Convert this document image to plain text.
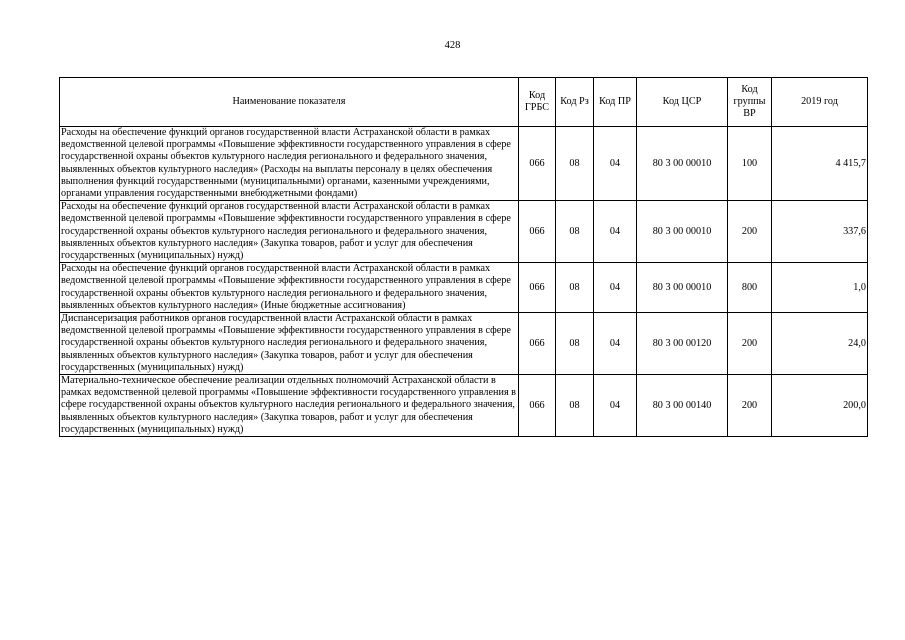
428
Наименование показателя	Код ГРБС	Код Рз	Код ПР	Код ЦСР	Код группы ВР	2019 год
Расходы на обеспечение функций органов государственной власти Астраханской области в рамках ведомственной целевой программы «Повышение эффективности государственного управления в сфере государственной охраны объектов культурного наследия регионального и федерального значения, выявленных объектов культурного наследия» (Расходы на выплаты персоналу в целях обеспечения выполнения функций государственными (муниципальными) органами, казенными учреждениями, органами управления государственными внебюджетными фондами)	066	08	04	80 3 00 00010	100	4 415,7
Расходы на обеспечение функций органов государственной власти Астраханской области в рамках ведомственной целевой программы «Повышение эффективности государственного управления в сфере государственной охраны объектов культурного наследия регионального и федерального значения, выявленных объектов культурного наследия» (Закупка товаров, работ и услуг для обеспечения государственных (муниципальных) нужд)	066	08	04	80 3 00 00010	200	337,6
Расходы на обеспечение функций органов государственной власти Астраханской области в рамках ведомственной целевой программы «Повышение эффективности государственного управления в сфере государственной охраны объектов культурного наследия регионального и федерального значения, выявленных объектов культурного наследия» (Иные бюджетные ассигнования)	066	08	04	80 3 00 00010	800	1,0
Диспансеризация работников органов государственной власти Астраханской области в рамках ведомственной целевой программы «Повышение эффективности государственного управления в сфере государственной охраны объектов культурного наследия регионального и федерального значения, выявленных объектов культурного наследия» (Закупка товаров, работ и услуг для обеспечения государственных (муниципальных) нужд)	066	08	04	80 3 00 00120	200	24,0
Материально-техническое обеспечение реализации отдельных полномочий Астраханской области в рамках ведомственной целевой программы «Повышение эффективности государственного управления в сфере государственной охраны объектов культурного наследия регионального и федерального значения, выявленных объектов культурного наследия» (Закупка товаров, работ и услуг для обеспечения государственных (муниципальных) нужд)	066	08	04	80 3 00 00140	200	200,0
